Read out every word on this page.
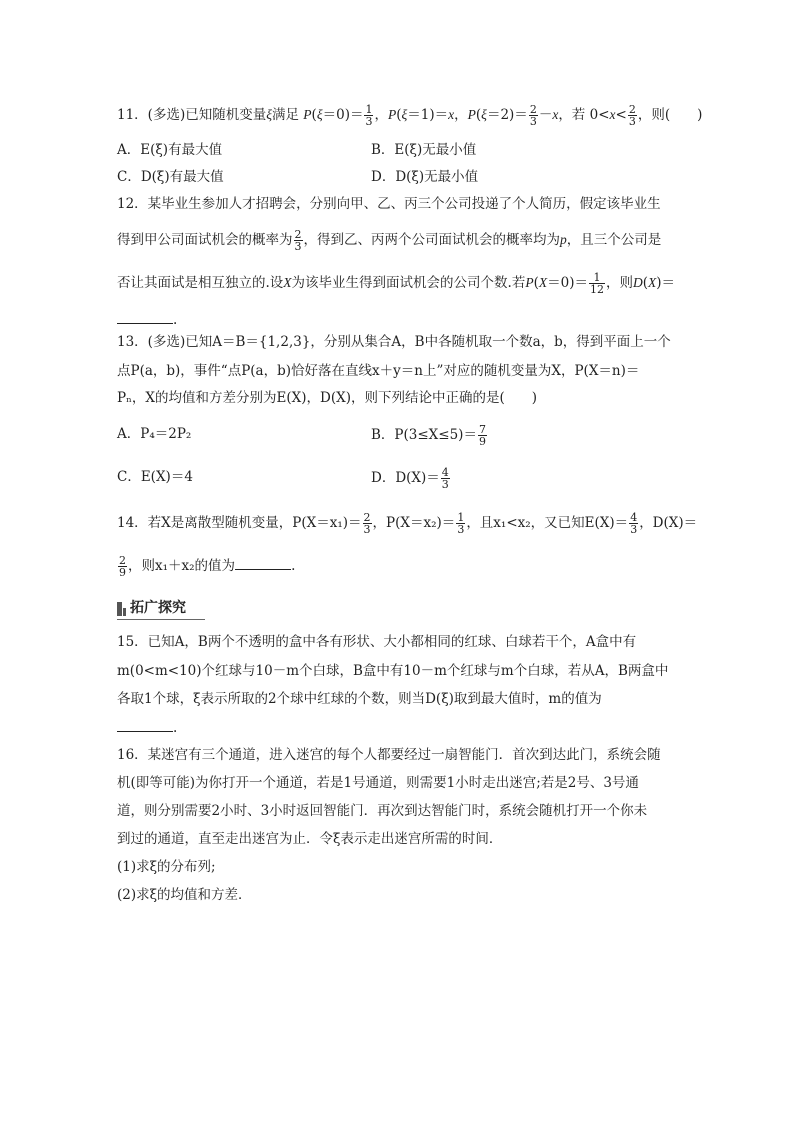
11．(多选)已知随机变量ξ满足 $P(\xi=0)= \frac{1}{3}$ ，P(ξ＝1)＝x，$P(\xi=2)= \frac{2}{3} -x$，若 $0<x< \frac{2}{3}$ ，则(　　)
A．E(ξ)有最大值	B．E(ξ)无最小值
C．D(ξ)有最大值	D．D(ξ)无最小值
12．某毕业生参加人才招聘会，分别向甲、乙、丙三个公司投递了个人简历，假定该毕业生
得到甲公司面试机会的概率为 $\frac{2}{3}$ ，得到乙、丙两个公司面试机会的概率均为p，且三个公司是
否让其面试是相互独立的.设X为该毕业生得到面试机会的公司个数.若$P(X=0)= \frac{1}{12}$ ，则D(X)＝
.
13．(多选)已知A＝B＝{1,2,3}，分别从集合A，B中各随机取一个数a，b，得到平面上一个
点P(a，b)，事件“点P(a，b)恰好落在直线x＋y＝n上”对应的随机变量为X，P(X＝n)＝
Pₙ，X的均值和方差分别为E(X)，D(X)，则下列结论中正确的是(　　)
A．P₄＝2P₂	B．$P(3\le X\le 5)= \frac{7}{9}$
C．E(X)＝4	D．$D(X)= \frac{4}{3}$
14．若X是离散型随机变量，$P(X=x_1)= \frac{2}{3}$ ，$P(X=x_2)= \frac{1}{3}$ ，且x₁<x₂，又已知$E(X)= \frac{4}{3}$ ，D(X)＝
$\frac{2}{9}$ ，则x₁＋x₂的值为	.
拓广探究
15．已知A，B两个不透明的盒中各有形状、大小都相同的红球、白球若干个，A盒中有
m(0<m<10)个红球与10－m个白球，B盒中有10－m个红球与m个白球，若从A，B两盒中
各取1个球，ξ表示所取的2个球中红球的个数，则当D(ξ)取到最大值时，m的值为
.
16．某迷宫有三个通道，进入迷宫的每个人都要经过一扇智能门．首次到达此门，系统会随
机(即等可能)为你打开一个通道，若是1号通道，则需要1小时走出迷宫;若是2号、3号通
道，则分别需要2小时、3小时返回智能门．再次到达智能门时，系统会随机打开一个你未
到过的通道，直至走出迷宫为止．令ξ表示走出迷宫所需的时间．
(1)求ξ的分布列;
(2)求ξ的均值和方差．
